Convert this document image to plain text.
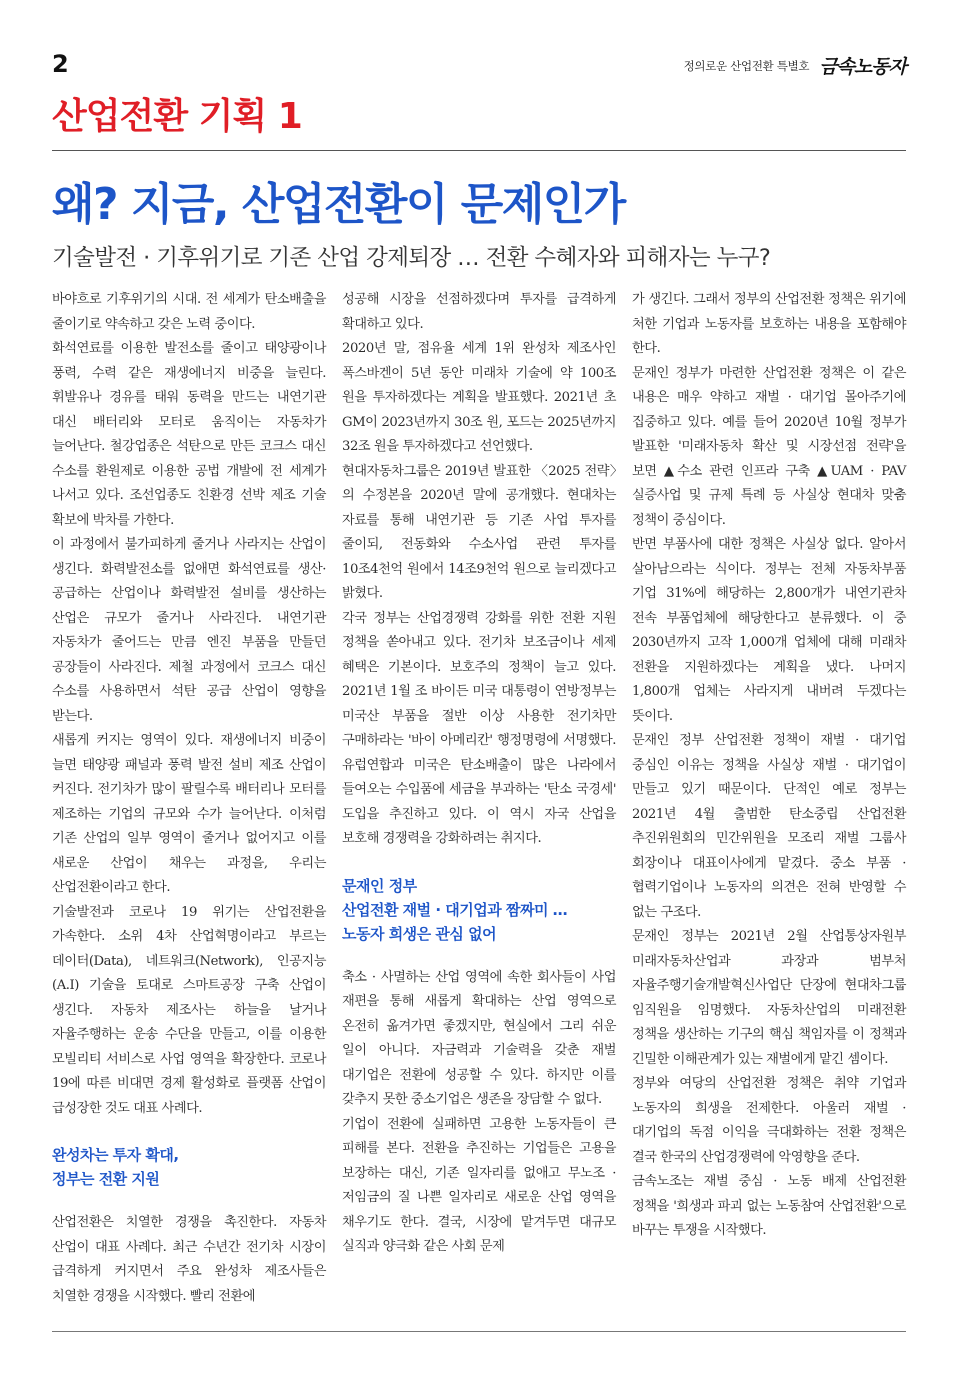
2	정의로운 산업전환 특별호 금속노동자
산업전환 기획 1
왜? 지금, 산업전환이 문제인가
기술발전 · 기후위기로 기존 산업 강제퇴장 … 전환 수혜자와 피해자는 누구?

바야흐로 기후위기의 시대. 전 세계가 탄소배출을 줄이기로 약속하고 갖은 노력 중이다.

화석연료를 이용한 발전소를 줄이고 태양광이나 풍력, 수력 같은 재생에너지 비중을 늘린다. 휘발유나 경유를 태워 동력을 만드는 내연기관 대신 배터리와 모터로 움직이는 자동차가 늘어난다. 철강업종은 석탄으로 만든 코크스 대신 수소를 환원제로 이용한 공법 개발에 전 세계가 나서고 있다. 조선업종도 친환경 선박 제조 기술 확보에 박차를 가한다.

이 과정에서 불가피하게 줄거나 사라지는 산업이 생긴다. 화력발전소를 없애면 화석연료를 생산·공급하는 산업이나 화력발전 설비를 생산하는 산업은 규모가 줄거나 사라진다. 내연기관 자동차가 줄어드는 만큼 엔진 부품을 만들던 공장들이 사라진다. 제철 과정에서 코크스 대신 수소를 사용하면서 석탄 공급 산업이 영향을 받는다.

새롭게 커지는 영역이 있다. 재생에너지 비중이 늘면 태양광 패널과 풍력 발전 설비 제조 산업이 커진다. 전기차가 많이 팔릴수록 배터리나 모터를 제조하는 기업의 규모와 수가 늘어난다. 이처럼 기존 산업의 일부 영역이 줄거나 없어지고 이를 새로운 산업이 채우는 과정을, 우리는 산업전환이라고 한다.

기술발전과 코로나 19 위기는 산업전환을 가속한다. 소위 4차 산업혁명이라고 부르는 데이터(Data), 네트워크(Network), 인공지능(A.I) 기술을 토대로 스마트공장 구축 산업이 생긴다. 자동차 제조사는 하늘을 날거나 자율주행하는 운송 수단을 만들고, 이를 이용한 모빌리티 서비스로 사업 영역을 확장한다. 코로나 19에 따른 비대면 경제 활성화로 플랫폼 산업이 급성장한 것도 대표 사례다.

완성차는 투자 확대,

정부는 전환 지원

산업전환은 치열한 경쟁을 촉진한다. 자동차 산업이 대표 사례다. 최근 수년간 전기차 시장이 급격하게 커지면서 주요 완성차 제조사들은 치열한 경쟁을 시작했다. 빨리 전환에

성공해 시장을 선점하겠다며 투자를 급격하게 확대하고 있다.

2020년 말, 점유율 세계 1위 완성차 제조사인 폭스바겐이 5년 동안 미래차 기술에 약 100조 원을 투자하겠다는 계획을 발표했다. 2021년 초 GM이 2023년까지 30조 원, 포드는 2025년까지 32조 원을 투자하겠다고 선언했다.

현대자동차그룹은 2019년 발표한 〈2025 전략〉의 수정본을 2020년 말에 공개했다. 현대차는 자료를 통해 내연기관 등 기존 사업 투자를 줄이되, 전동화와 수소사업 관련 투자를 10조4천억 원에서 14조9천억 원으로 늘리겠다고 밝혔다.

각국 정부는 산업경쟁력 강화를 위한 전환 지원 정책을 쏟아내고 있다. 전기차 보조금이나 세제 혜택은 기본이다. 보호주의 정책이 늘고 있다. 2021년 1월 조 바이든 미국 대통령이 연방정부는 미국산 부품을 절반 이상 사용한 전기차만 구매하라는 '바이 아메리칸' 행정명령에 서명했다. 유럽연합과 미국은 탄소배출이 많은 나라에서 들여오는 수입품에 세금을 부과하는 '탄소 국경세' 도입을 추진하고 있다. 이 역시 자국 산업을 보호해 경쟁력을 강화하려는 취지다.

문재인 정부

산업전환 재벌 · 대기업과 짬짜미 …

노동자 희생은 관심 없어

축소 · 사멸하는 산업 영역에 속한 회사들이 사업 재편을 통해 새롭게 확대하는 산업 영역으로 온전히 옮겨가면 좋겠지만, 현실에서 그리 쉬운 일이 아니다. 자금력과 기술력을 갖춘 재벌 대기업은 전환에 성공할 수 있다. 하지만 이를 갖추지 못한 중소기업은 생존을 장담할 수 없다.

기업이 전환에 실패하면 고용한 노동자들이 큰 피해를 본다. 전환을 추진하는 기업들은 고용을 보장하는 대신, 기존 일자리를 없애고 무노조 · 저임금의 질 나쁜 일자리로 새로운 산업 영역을 채우기도 한다. 결국, 시장에 맡겨두면 대규모 실직과 양극화 같은 사회 문제

가 생긴다. 그래서 정부의 산업전환 정책은 위기에 처한 기업과 노동자를 보호하는 내용을 포함해야 한다.

문재인 정부가 마련한 산업전환 정책은 이 같은 내용은 매우 약하고 재벌 · 대기업 몰아주기에 집중하고 있다. 예를 들어 2020년 10월 정부가 발표한 '미래자동차 확산 및 시장선점 전략'을 보면 ▲수소 관련 인프라 구축 ▲UAM · PAV 실증사업 및 규제 특례 등 사실상 현대차 맞춤 정책이 중심이다.

반면 부품사에 대한 정책은 사실상 없다. 알아서 살아남으라는 식이다. 정부는 전체 자동차부품 기업 31%에 해당하는 2,800개가 내연기관차 전속 부품업체에 해당한다고 분류했다. 이 중 2030년까지 고작 1,000개 업체에 대해 미래차 전환을 지원하겠다는 계획을 냈다. 나머지 1,800개 업체는 사라지게 내버려 두겠다는 뜻이다.

문재인 정부 산업전환 정책이 재벌 · 대기업 중심인 이유는 정책을 사실상 재벌 · 대기업이 만들고 있기 때문이다. 단적인 예로 정부는 2021년 4월 출범한 탄소중립 산업전환 추진위원회의 민간위원을 모조리 재벌 그룹사 회장이나 대표이사에게 맡겼다. 중소 부품 · 협력기업이나 노동자의 의견은 전혀 반영할 수 없는 구조다.

문재인 정부는 2021년 2월 산업통상자원부 미래자동차산업과 과장과 범부처 자율주행기술개발혁신사업단 단장에 현대차그룹 임직원을 임명했다. 자동차산업의 미래전환 정책을 생산하는 기구의 핵심 책임자를 이 정책과 긴밀한 이해관계가 있는 재벌에게 맡긴 셈이다.

정부와 여당의 산업전환 정책은 취약 기업과 노동자의 희생을 전제한다. 아울러 재벌 · 대기업의 독점 이익을 극대화하는 전환 정책은 결국 한국의 산업경쟁력에 악영향을 준다.

금속노조는 재벌 중심 · 노동 배제 산업전환 정책을 '희생과 파괴 없는 노동참여 산업전환'으로 바꾸는 투쟁을 시작했다.
